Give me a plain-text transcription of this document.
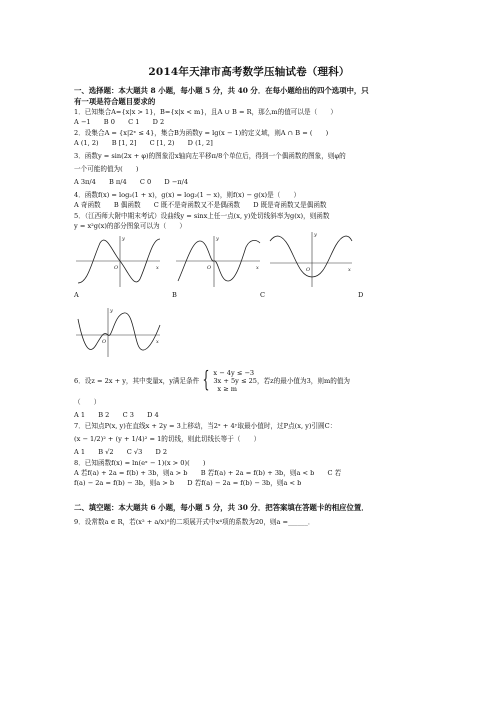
2014年天津市高考数学压轴试卷（理科）
一、选择题：本大题共 8 小题，每小题 5 分，共 40 分．在每小题给出的四个选项中，只
有一项是符合题目要求的
1．已知集合A={x|x > 1}，B={x|x < m}，且A ∪ B = R，那么m的值可以是（　　）
A −1　　B 0　　C 1　　D 2
2．设集合A = {x|2ˣ ≤ 4}，集合B为函数y = lg(x − 1)的定义域，则A ∩ B = (　　)
A (1, 2)　　B [1, 2]　　C [1, 2)　　D (1, 2]
3．函数y = sin(2x + φ)的图象沿x轴向左平移π/8个单位后，得到一个偶函数的图象，则φ的
一个可能的值为(　　)
A 3π/4　　B π/4　　C 0　　D −π/4
4．函数f(x) = log₂(1 + x)，g(x) = log₂(1 − x)，则f(x) − g(x)是（　　）
A 奇函数　　B 偶函数　　C 既不是奇函数又不是偶函数　　D 既是奇函数又是偶函数
5．（江西师大附中期末考试）设曲线y = sinx上任一点(x, y)处切线斜率为g(x)，则函数
y = x²g(x)的部分图象可以为（　　）
x
y
O	x
y
O	x
y
O
A	B	C	D
x
y
O
6．设z = 2x + y，其中变量x，y满足条件 { x − 4y ≤ −3
3x + 5y ≤ 25
x ≥ m
，若z的最小值为3，则m的值为
（　　）
A 1　　B 2　　C 3　　D 4
7．已知点P(x, y)在直线x + 2y = 3上移动，当2ˣ + 4ʸ取最小值时，过P点(x, y)引圆C：
(x − 1/2)² + (y + 1/4)² = 1的切线，则此切线长等于（　　）
A 1　　B √2　　C √3　　D 2
8．已知函数f(x) = ln(eˣ − 1)(x > 0)(　　)
A 若f(a) + 2a = f(b) + 3b，则a > b　　B 若f(a) + 2a = f(b) + 3b，则a < b　　C 若
f(a) − 2a = f(b) − 3b，则a > b　　D 若f(a) − 2a = f(b) − 3b，则a < b
二、填空题：本大题共 6 小题，每小题 5 分，共 30 分．把答案填在答题卡的相应位置．
9．设常数a ∈ R，若(x² + a/x)⁵的二项展开式中x⁴项的系数为20，则a =______．
